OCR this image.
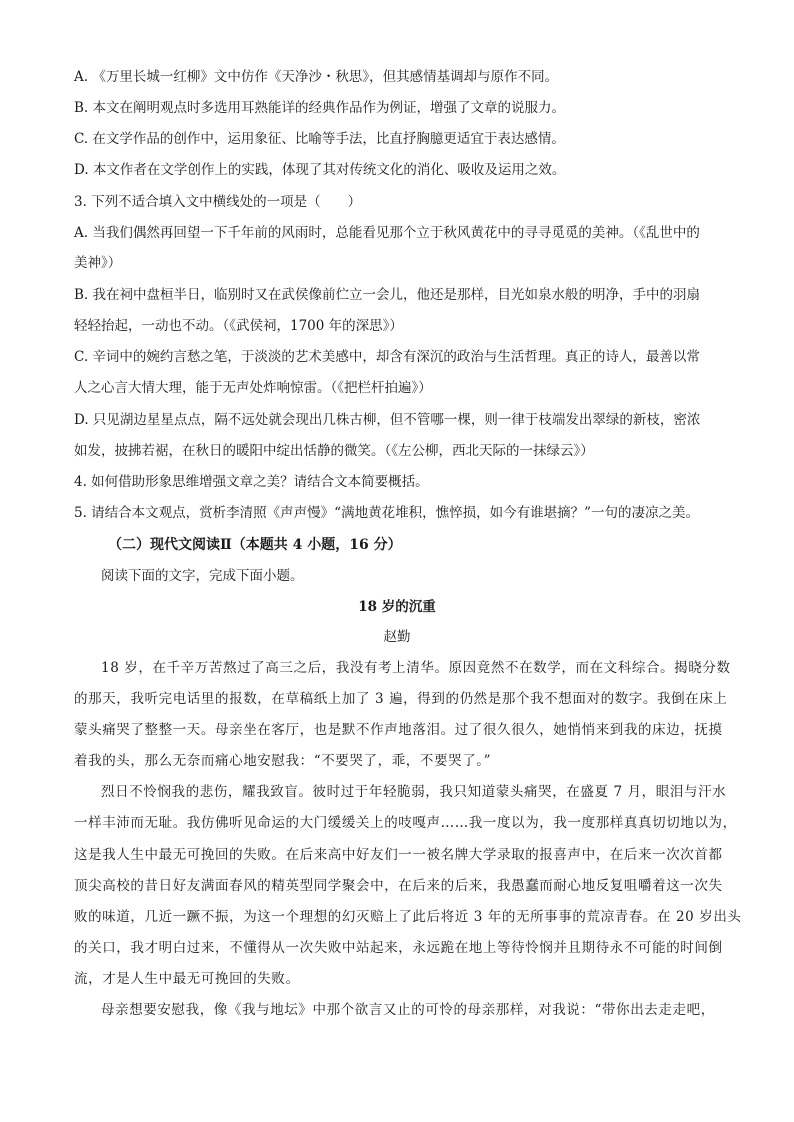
A. 《万里长城一红柳》文中仿作《天净沙・秋思》，但其感情基调却与原作不同。
B. 本文在阐明观点时多选用耳熟能详的经典作品作为例证，增强了文章的说服力。
C. 在文学作品的创作中，运用象征、比喻等手法，比直抒胸臆更适宜于表达感情。
D. 本文作者在文学创作上的实践，体现了其对传统文化的消化、吸收及运用之效。
3. 下列不适合填入文中横线处的一项是（　　）
A. 当我们偶然再回望一下千年前的风雨时，总能看见那个立于秋风黄花中的寻寻觅觅的美神。（《乱世中的
美神》）
B. 我在祠中盘桓半日，临别时又在武侯像前伫立一会儿，他还是那样，目光如泉水般的明净，手中的羽扇
轻轻抬起，一动也不动。（《武侯祠，1700 年的深思》）
C. 辛词中的婉约言愁之笔，于淡淡的艺术美感中，却含有深沉的政治与生活哲理。真正的诗人，最善以常
人之心言大情大理，能于无声处炸响惊雷。（《把栏杆拍遍》）
D. 只见湖边星星点点，隔不远处就会现出几株古柳，但不管哪一棵，则一律于枝端发出翠绿的新枝，密浓
如发，披拂若裾，在秋日的暖阳中绽出恬静的微笑。（《左公柳，西北天际的一抹绿云》）
4. 如何借助形象思维增强文章之美？请结合文本简要概括。
5. 请结合本文观点，赏析李清照《声声慢》“满地黄花堆积，憔悴损，如今有谁堪摘？”一句的凄凉之美。
（二）现代文阅读Ⅱ（本题共 4 小题，16 分）
阅读下面的文字，完成下面小题。
18 岁的沉重
赵勤
18 岁，在千辛万苦熬过了高三之后，我没有考上清华。原因竟然不在数学，而在文科综合。揭晓分数
的那天，我听完电话里的报数，在草稿纸上加了 3 遍，得到的仍然是那个我不想面对的数字。我倒在床上
蒙头痛哭了整整一天。母亲坐在客厅，也是默不作声地落泪。过了很久很久，她悄悄来到我的床边，抚摸
着我的头，那么无奈而痛心地安慰我：“不要哭了，乖，不要哭了。”
烈日不怜悯我的悲伤，耀我致盲。彼时过于年轻脆弱，我只知道蒙头痛哭，在盛夏 7 月，眼泪与汗水
一样丰沛而无耻。我仿佛听见命运的大门缓缓关上的吱嘎声……我一度以为，我一度那样真真切切地以为，
这是我人生中最无可挽回的失败。在后来高中好友们一一被名牌大学录取的报喜声中，在后来一次次首都
顶尖高校的昔日好友满面春风的精英型同学聚会中，在后来的后来，我愚蠢而耐心地反复咀嚼着这一次失
败的味道，几近一蹶不振，为这一个理想的幻灭赔上了此后将近 3 年的无所事事的荒凉青春。在 20 岁出头
的关口，我才明白过来，不懂得从一次失败中站起来，永远跪在地上等待怜悯并且期待永不可能的时间倒
流，才是人生中最无可挽回的失败。
母亲想要安慰我，像《我与地坛》中那个欲言又止的可怜的母亲那样，对我说：“带你出去走走吧，
